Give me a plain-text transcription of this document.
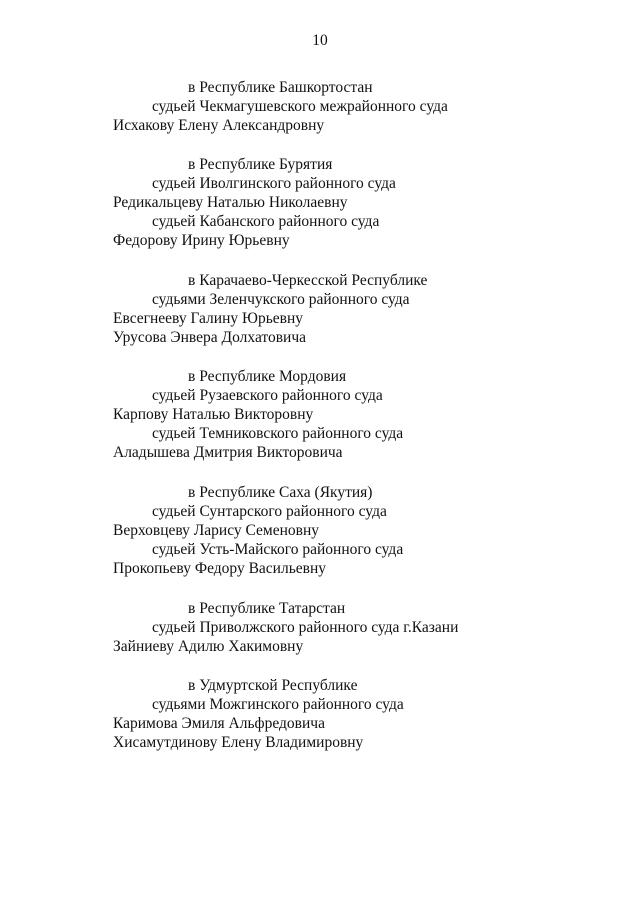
10
в Республике Башкортостан
судьей Чекмагушевского межрайонного суда
Исхакову Елену Александровну
в Республике Бурятия
судьей Иволгинского районного суда
Редикальцеву Наталью Николаевну
судьей Кабанского районного суда
Федорову Ирину Юрьевну
в Карачаево-Черкесской Республике
судьями Зеленчукского районного суда
Евсегнееву Галину Юрьевну
Урусова Энвера Долхатовича
в Республике Мордовия
судьей Рузаевского районного суда
Карпову Наталью Викторовну
судьей Темниковского районного суда
Аладышева Дмитрия Викторовича
в Республике Саха (Якутия)
судьей Сунтарского районного суда
Верховцеву Ларису Семеновну
судьей Усть-Майского районного суда
Прокопьеву Федору Васильевну
в Республике Татарстан
судьей Приволжского районного суда г.Казани
Зайниеву Адилю Хакимовну
в Удмуртской Республике
судьями Можгинского районного суда
Каримова Эмиля Альфредовича
Хисамутдинову Елену Владимировну
